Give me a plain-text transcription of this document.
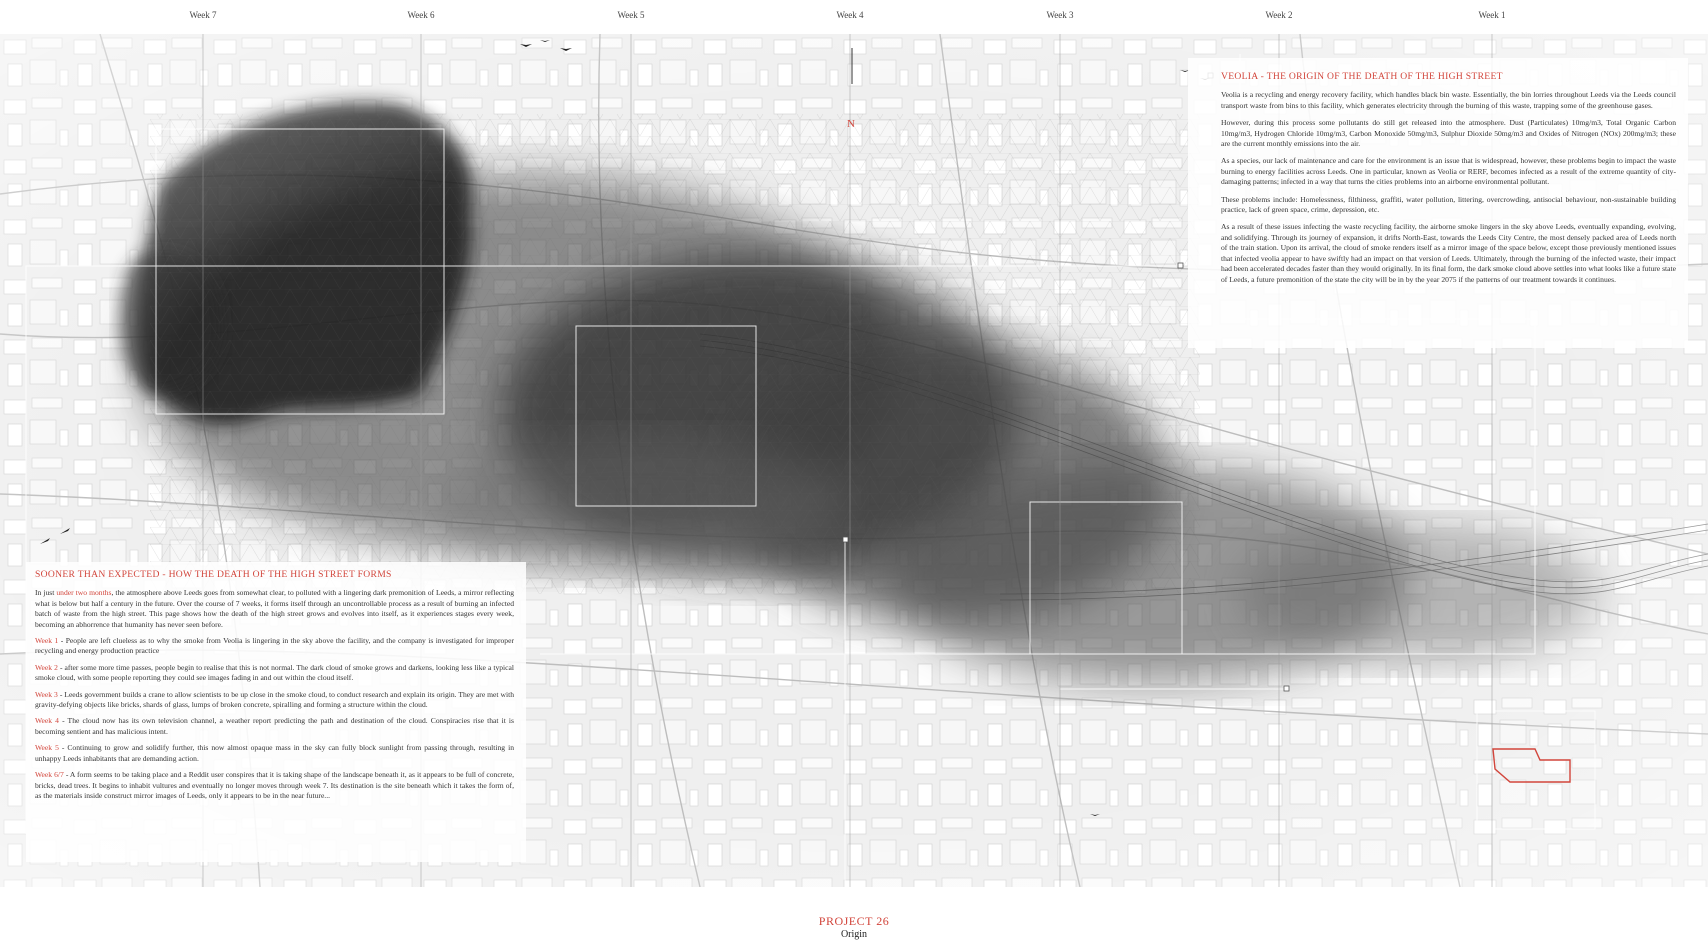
Week 7	Week 6	Week 5	Week 4	Week 3	Week 2	Week 1
N
VEOLIA - THE ORIGIN OF THE DEATH OF THE HIGH STREET

Veolia is a recycling and energy recovery facility, which handles black bin waste. Essentially, the bin lorries throughout Leeds via the Leeds council transport waste from bins to this facility, which generates electricity through the burning of this waste, trapping some of the greenhouse gases.

However, during this process some pollutants do still get released into the atmosphere. Dust (Particulates) 10mg/m3, Total Organic Carbon 10mg/m3, Hydrogen Chloride 10mg/m3, Carbon Monoxide 50mg/m3, Sulphur Dioxide 50mg/m3 and Oxides of Nitrogen (NOx) 200mg/m3; these are the current monthly emissions into the air.

As a species, our lack of maintenance and care for the environment is an issue that is widespread, however, these problems begin to impact the waste burning to energy facilities across Leeds. One in particular, known as Veolia or RERF, becomes infected as a result of the extreme quantity of city-damaging patterns; infected in a way that turns the cities problems into an airborne environmental pollutant.

These problems include: Homelessness, filthiness, graffiti, water pollution, littering, overcrowding, antisocial behaviour, non-sustainable building practice, lack of green space, crime, depression, etc.

As a result of these issues infecting the waste recycling facility, the airborne smoke lingers in the sky above Leeds, eventually expanding, evolving, and solidifying. Through its journey of expansion, it drifts North-East, towards the Leeds City Centre, the most densely packed area of Leeds north of the train station. Upon its arrival, the cloud of smoke renders itself as a mirror image of the space below, except those previously mentioned issues that infected veolia appear to have swiftly had an impact on that version of Leeds. Ultimately, through the burning of the infected waste, their impact had been accelerated decades faster than they would originally. In its final form, the dark smoke cloud above settles into what looks like a future state of Leeds, a future premonition of the state the city will be in by the year 2075 if the patterns of our treatment towards it continues.

SOONER THAN EXPECTED - HOW THE DEATH OF THE HIGH STREET FORMS

In just under two months, the atmosphere above Leeds goes from somewhat clear, to polluted with a lingering dark premonition of Leeds, a mirror reflecting what is below but half a century in the future. Over the course of 7 weeks, it forms itself through an uncontrollable process as a result of burning an infected batch of waste from the high street. This page shows how the death of the high street grows and evolves into itself, as it experiences stages every week, becoming an abhorrence that humanity has never seen before.

Week 1 - People are left clueless as to why the smoke from Veolia is lingering in the sky above the facility, and the company is investigated for improper recycling and energy production practice

Week 2 - after some more time passes, people begin to realise that this is not normal. The dark cloud of smoke grows and darkens, looking less like a typical smoke cloud, with some people reporting they could see images fading in and out within the cloud itself.

Week 3 - Leeds government builds a crane to allow scientists to be up close in the smoke cloud, to conduct research and explain its origin. They are met with gravity-defying objects like bricks, shards of glass, lumps of broken concrete, spiralling and forming a structure within the cloud.

Week 4 - The cloud now has its own television channel, a weather report predicting the path and destination of the cloud. Conspiracies rise that it is becoming sentient and has malicious intent.

Week 5 - Continuing to grow and solidify further, this now almost opaque mass in the sky can fully block sunlight from passing through, resulting in unhappy Leeds inhabitants that are demanding action.

Week 6/7 - A form seems to be taking place and a Reddit user conspires that it is taking shape of the landscape beneath it, as it appears to be full of concrete, bricks, dead trees. It begins to inhabit vultures and eventually no longer moves through week 7. Its destination is the site beneath which it takes the form of, as the materials inside construct mirror images of Leeds, only it appears to be in the near future...

PROJECT 26
Origin
